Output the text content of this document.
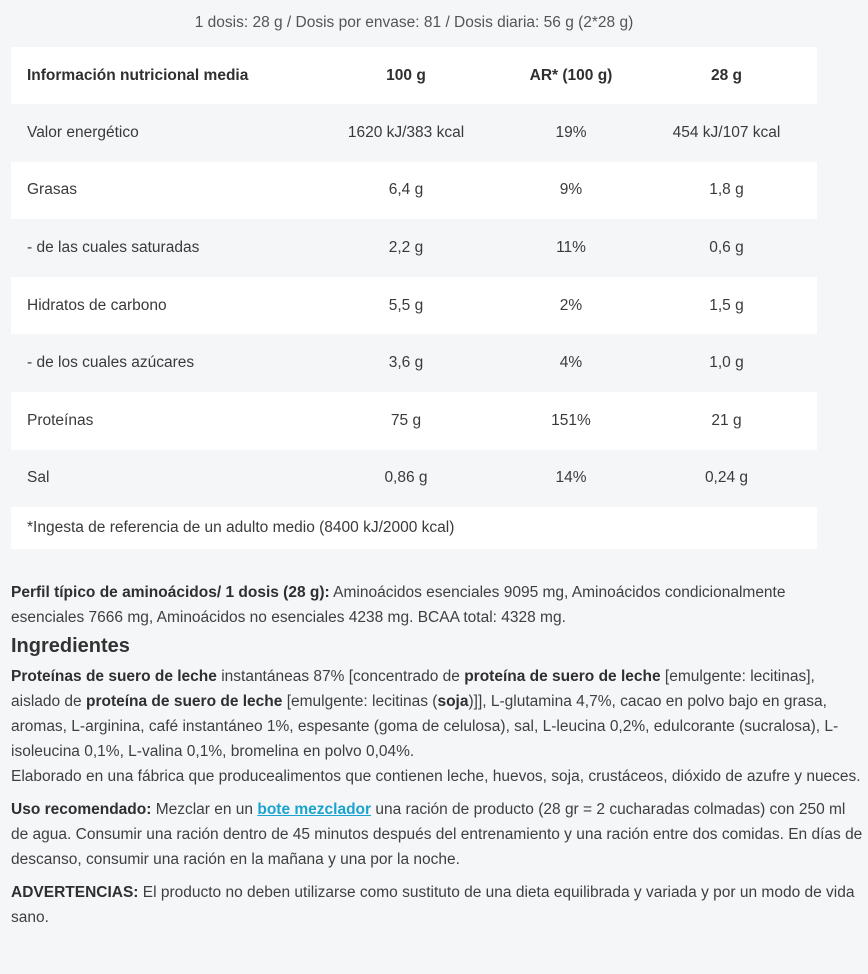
1 dosis: 28 g / Dosis por envase: 81 / Dosis diaria: 56 g (2*28 g)
Información nutricional media	100 g	AR* (100 g)	28 g
Valor energético	1620 kJ/383 kcal	19%	454 kJ/107 kcal
Grasas	6,4 g	9%	1,8 g
- de las cuales saturadas	2,2 g	11%	0,6 g
Hidratos de carbono	5,5 g	2%	1,5 g
- de los cuales azúcares	3,6 g	4%	1,0 g
Proteínas	75 g	151%	21 g
Sal	0,86 g	14%	0,24 g
*Ingesta de referencia de un adulto medio (8400 kJ/2000 kcal)

Perfil típico de aminoácidos/ 1 dosis (28 g): Aminoácidos esenciales 9095 mg, Aminoácidos condicionalmente esenciales 7666 mg, Aminoácidos no esenciales 4238 mg. BCAA total: 4328 mg.

Ingredientes

Proteínas de suero de leche instantáneas 87% [concentrado de proteína de suero de leche [emulgente: lecitinas], aislado de proteína de suero de leche [emulgente: lecitinas (soja)]], L-glutamina 4,7%, cacao en polvo bajo en grasa, aromas, L-arginina, café instantáneo 1%, espesante (goma de celulosa), sal, L-leucina 0,2%, edulcorante (sucralosa), L-isoleucina 0,1%, L-valina 0,1%, bromelina en polvo 0,04%.

Elaborado en una fábrica que producealimentos que contienen leche, huevos, soja, crustáceos, dióxido de azufre y nueces.

Uso recomendado: Mezclar en un bote mezclador una ración de producto (28 gr = 2 cucharadas colmadas) con 250 ml de agua. Consumir una ración dentro de 45 minutos después del entrenamiento y una ración entre dos comidas. En días de descanso, consumir una ración en la mañana y una por la noche.

ADVERTENCIAS: El producto no deben utilizarse como sustituto de una dieta equilibrada y variada y por un modo de vida sano.
